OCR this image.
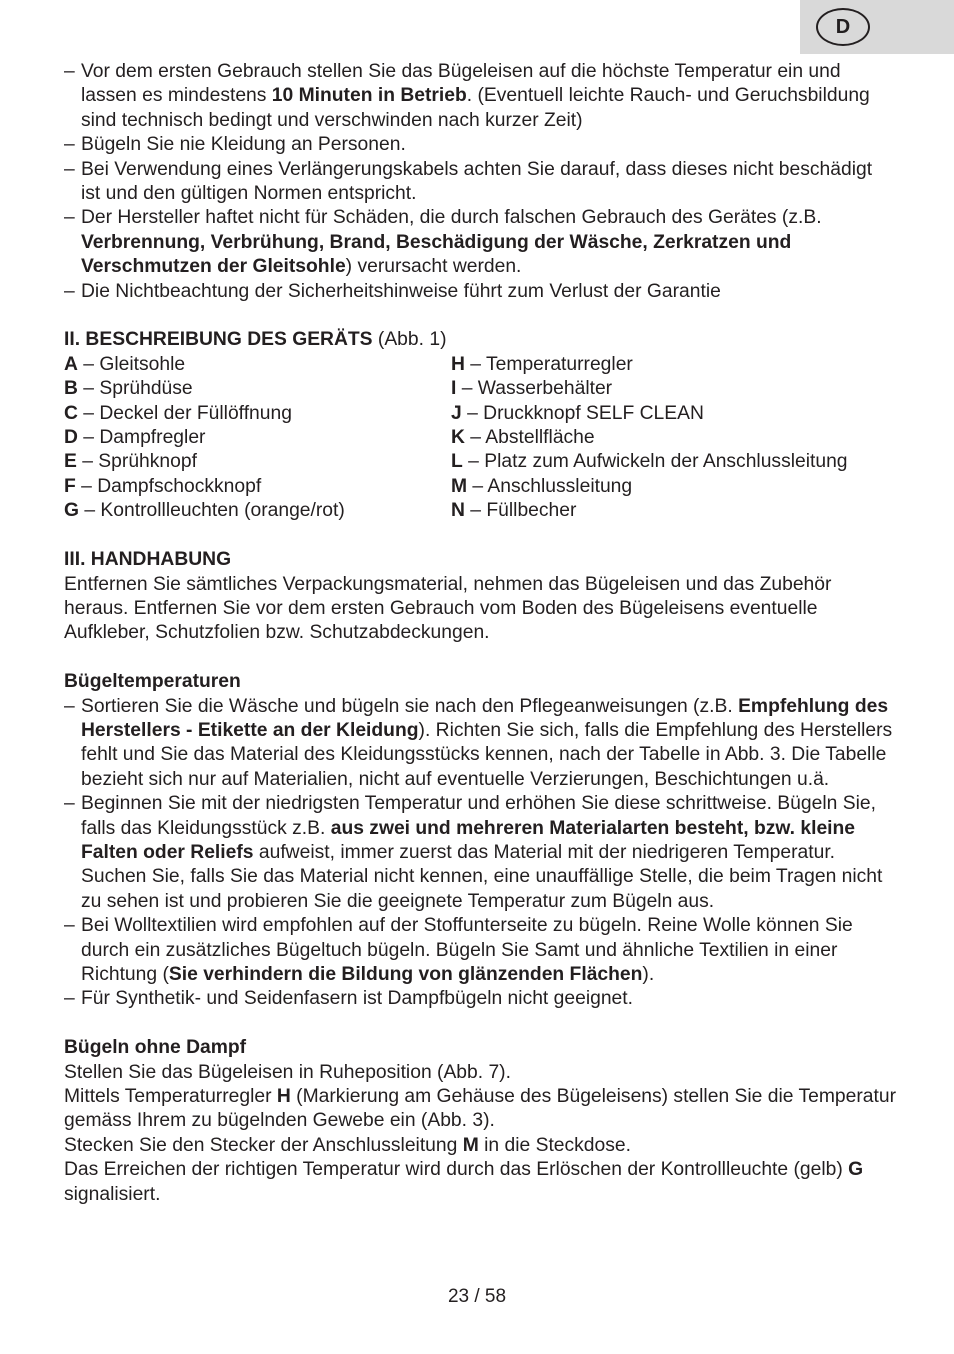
D
– Vor dem ersten Gebrauch stellen Sie das Bügeleisen auf die höchste Temperatur ein und lassen es mindestens 10 Minuten in Betrieb. (Eventuell leichte Rauch- und Geruchsbildung sind technisch bedingt und verschwinden nach kurzer Zeit)
– Bügeln Sie nie Kleidung an Personen.
– Bei Verwendung eines Verlängerungskabels achten Sie darauf, dass dieses nicht beschädigt ist und den gültigen Normen entspricht.
– Der Hersteller haftet nicht für Schäden, die durch falschen Gebrauch des Gerätes (z.B. Verbrennung, Verbrühung, Brand, Beschädigung der Wäsche, Zerkratzen und Verschmutzen der Gleitsohle) verursacht werden.
– Die Nichtbeachtung der Sicherheitshinweise führt zum Verlust der Garantie

II. BESCHREIBUNG DES GERÄTS (Abb. 1)

A – Gleitsohle
B – Sprühdüse
C – Deckel der Füllöffnung
D – Dampfregler
E – Sprühknopf
F – Dampfschockknopf
G – Kontrollleuchten (orange/rot)
H – Temperaturregler
I – Wasserbehälter
J – Druckknopf SELF CLEAN
K – Abstellfläche
L – Platz zum Aufwickeln der Anschlussleitung
M – Anschlussleitung
N – Füllbecher

III. HANDHABUNG

Entfernen Sie sämtliches Verpackungsmaterial, nehmen das Bügeleisen und das Zubehör heraus. Entfernen Sie vor dem ersten Gebrauch vom Boden des Bügeleisens eventuelle Aufkleber, Schutzfolien bzw. Schutzabdeckungen.

Bügeltemperaturen

– Sortieren Sie die Wäsche und bügeln sie nach den Pflegeanweisungen (z.B. Empfehlung des Herstellers - Etikette an der Kleidung). Richten Sie sich, falls die Empfehlung des Herstellers fehlt und Sie das Material des Kleidungsstücks kennen, nach der Tabelle in Abb. 3. Die Tabelle bezieht sich nur auf Materialien, nicht auf eventuelle Verzierungen, Beschichtungen u.ä.
– Beginnen Sie mit der niedrigsten Temperatur und erhöhen Sie diese schrittweise. Bügeln Sie, falls das Kleidungsstück z.B. aus zwei und mehreren Materialarten besteht, bzw. kleine Falten oder Reliefs aufweist, immer zuerst das Material mit der niedrigeren Temperatur. Suchen Sie, falls Sie das Material nicht kennen, eine unauffällige Stelle, die beim Tragen nicht zu sehen ist und probieren Sie die geeignete Temperatur zum Bügeln aus.
– Bei Wolltextilien wird empfohlen auf der Stoffunterseite zu bügeln. Reine Wolle können Sie durch ein zusätzliches Bügeltuch bügeln. Bügeln Sie Samt und ähnliche Textilien in einer Richtung (Sie verhindern die Bildung von glänzenden Flächen).
– Für Synthetik- und Seidenfasern ist Dampfbügeln nicht geeignet.

Bügeln ohne Dampf

Stellen Sie das Bügeleisen in Ruheposition (Abb. 7).

Mittels Temperaturregler H (Markierung am Gehäuse des Bügeleisens) stellen Sie die Temperatur gemäss Ihrem zu bügelnden Gewebe ein (Abb. 3).

Stecken Sie den Stecker der Anschlussleitung M in die Steckdose.

Das Erreichen der richtigen Temperatur wird durch das Erlöschen der Kontrollleuchte (gelb) G signalisiert.

23 / 58
